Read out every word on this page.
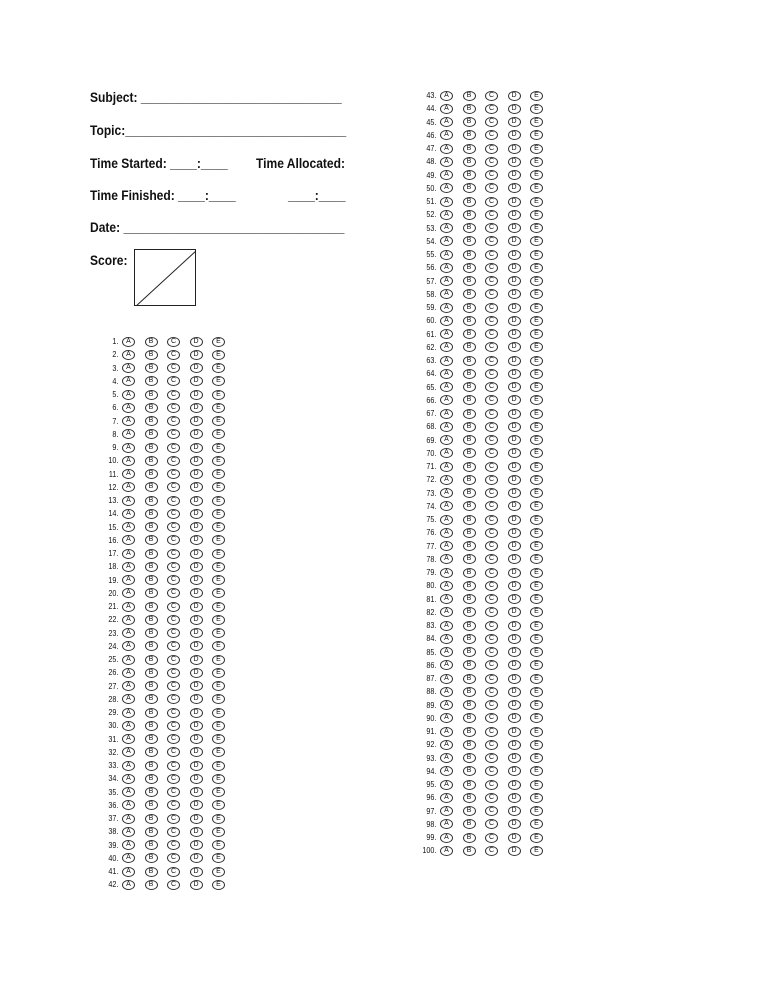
Subject: ______________________________
Topic:_________________________________
Time Started: ____:____ Time Allocated:
Time Finished: ____:____	____:____
Date: _________________________________
Score:
1.	A	B	C	D	E
2.	A	B	C	D	E
3.	A	B	C	D	E
4.	A	B	C	D	E
5.	A	B	C	D	E
6.	A	B	C	D	E
7.	A	B	C	D	E
8.	A	B	C	D	E
9.	A	B	C	D	E
10.	A	B	C	D	E
11.	A	B	C	D	E
12.	A	B	C	D	E
13.	A	B	C	D	E
14.	A	B	C	D	E
15.	A	B	C	D	E
16.	A	B	C	D	E
17.	A	B	C	D	E
18.	A	B	C	D	E
19.	A	B	C	D	E
20.	A	B	C	D	E
21.	A	B	C	D	E
22.	A	B	C	D	E
23.	A	B	C	D	E
24.	A	B	C	D	E
25.	A	B	C	D	E
26.	A	B	C	D	E
27.	A	B	C	D	E
28.	A	B	C	D	E
29.	A	B	C	D	E
30.	A	B	C	D	E
31.	A	B	C	D	E
32.	A	B	C	D	E
33.	A	B	C	D	E
34.	A	B	C	D	E
35.	A	B	C	D	E
36.	A	B	C	D	E
37.	A	B	C	D	E
38.	A	B	C	D	E
39.	A	B	C	D	E
40.	A	B	C	D	E
41.	A	B	C	D	E
42.	A	B	C	D	E
43.	A	B	C	D	E
44.	A	B	C	D	E
45.	A	B	C	D	E
46.	A	B	C	D	E
47.	A	B	C	D	E
48.	A	B	C	D	E
49.	A	B	C	D	E
50.	A	B	C	D	E
51.	A	B	C	D	E
52.	A	B	C	D	E
53.	A	B	C	D	E
54.	A	B	C	D	E
55.	A	B	C	D	E
56.	A	B	C	D	E
57.	A	B	C	D	E
58.	A	B	C	D	E
59.	A	B	C	D	E
60.	A	B	C	D	E
61.	A	B	C	D	E
62.	A	B	C	D	E
63.	A	B	C	D	E
64.	A	B	C	D	E
65.	A	B	C	D	E
66.	A	B	C	D	E
67.	A	B	C	D	E
68.	A	B	C	D	E
69.	A	B	C	D	E
70.	A	B	C	D	E
71.	A	B	C	D	E
72.	A	B	C	D	E
73.	A	B	C	D	E
74.	A	B	C	D	E
75.	A	B	C	D	E
76.	A	B	C	D	E
77.	A	B	C	D	E
78.	A	B	C	D	E
79.	A	B	C	D	E
80.	A	B	C	D	E
81.	A	B	C	D	E
82.	A	B	C	D	E
83.	A	B	C	D	E
84.	A	B	C	D	E
85.	A	B	C	D	E
86.	A	B	C	D	E
87.	A	B	C	D	E
88.	A	B	C	D	E
89.	A	B	C	D	E
90.	A	B	C	D	E
91.	A	B	C	D	E
92.	A	B	C	D	E
93.	A	B	C	D	E
94.	A	B	C	D	E
95.	A	B	C	D	E
96.	A	B	C	D	E
97.	A	B	C	D	E
98.	A	B	C	D	E
99.	A	B	C	D	E
100.	A	B	C	D	E
